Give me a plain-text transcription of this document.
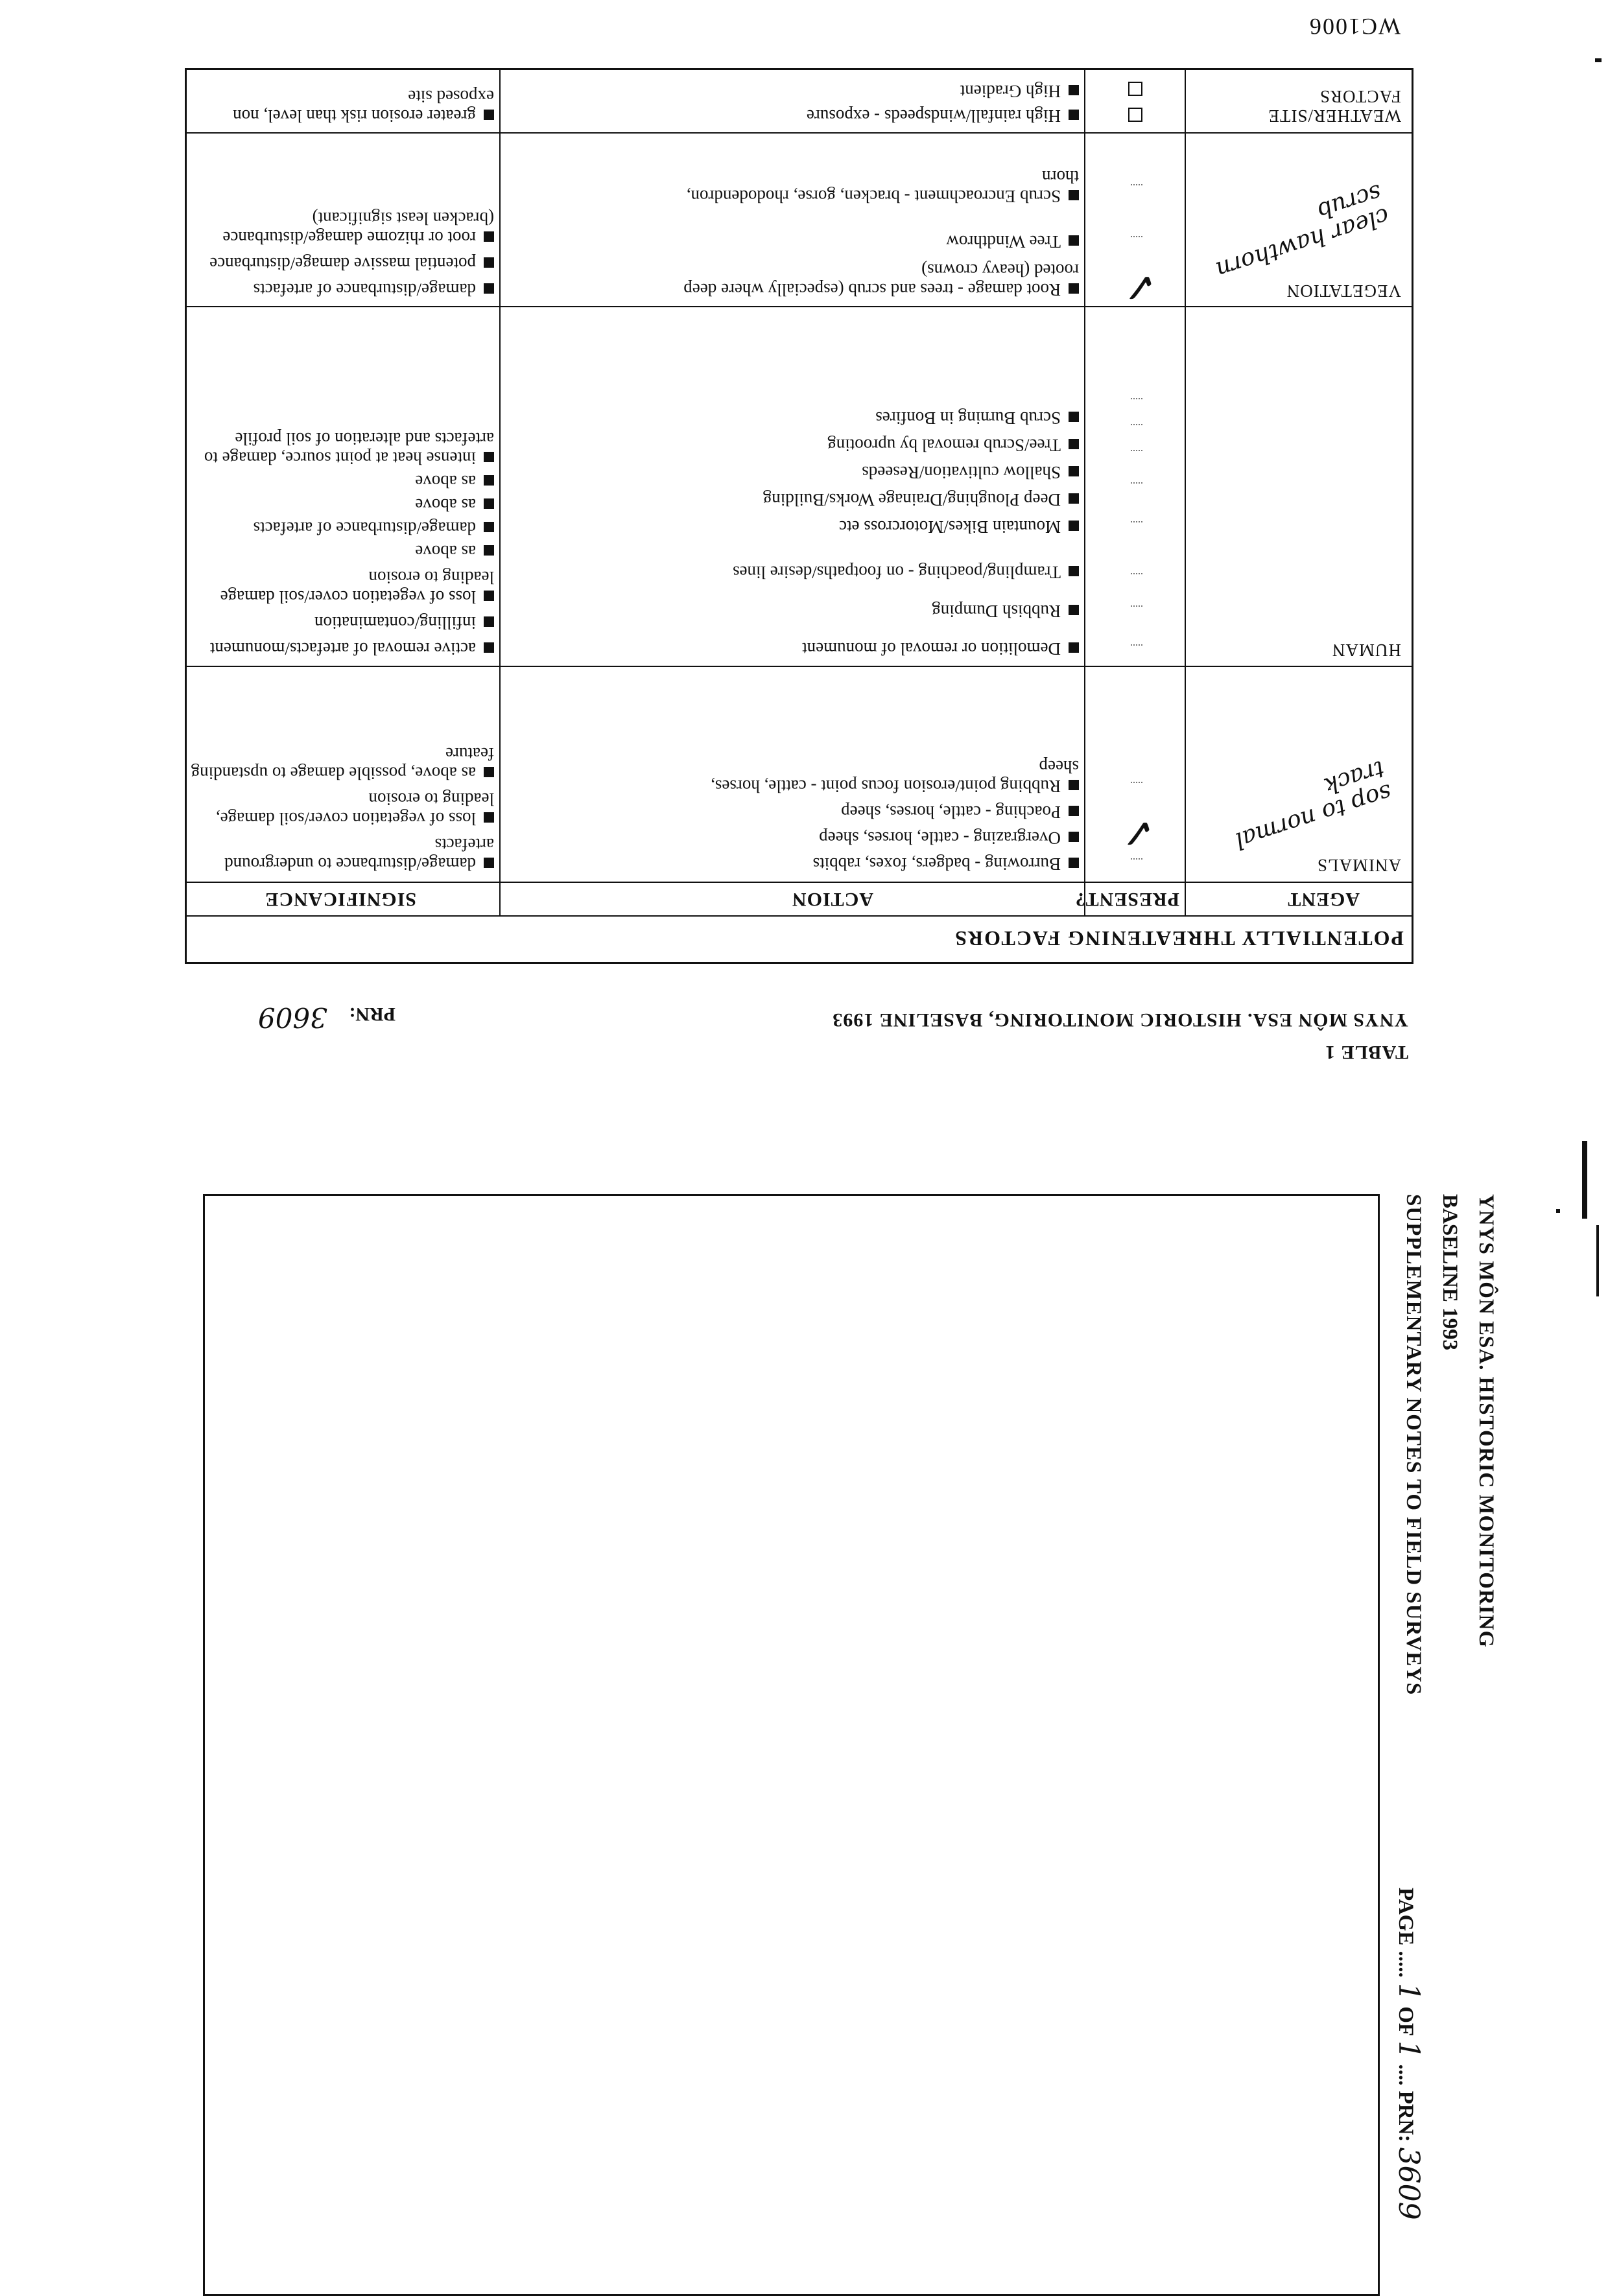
WC1006
TABLE 1
YNYS MÔN ESA. HISTORIC MONITORING, BASELINE 1993
PRN: 3609
POTENTIALLY THREATENING FACTORS
AGENT
PRESENT?
ACTION
SIGNIFICANCE
ANIMALS
sop to normal track
✓
Burrowing - badgers, foxes, rabbits
Overgrazing - cattle, horses, sheep
Poaching - cattle, horses, sheep
Rubbing point/erosion focus point - cattle, horses, sheep
damage/disturbance to underground artefacts
loss of vegetation cover/soil damage, leading to erosion
as above, possible damage to upstanding feature
HUMAN
Demolition or removal of monument
Rubbish Dumping
Trampling/poaching - on footpaths/desire lines
Mountain Bikes/Motorcross etc
Deep Ploughing/Drainage Works/Building
Shallow cultivation/Reseeds
Tree/Scrub removal by uprooting
Scrub Burning in Bonfires
active removal of artefacts/monument
infilling/contamination
loss of vegetation cover/soil damage leading to erosion
as above
damage/disturbance of artefacts
as above
as above
intense heat at point source, damage to artefacts and alteration of soil profile
VEGETATION
clear hawthorn scrub
✓
Root damage - trees and scrub (especially where deep rooted (heavy crowns)
Tree Windthrow
Scrub Encroachment - bracken, gorse, rhododendron, thorn
damage/disturbance of artefacts
potential massive damage/disturbance
root or rhizome damage/disturbance (bracken least significant)
WEATHER/SITE FACTORS
High rainfall/windspeeds - exposure
High Gradient
greater erosion risk than level, non exposed site
YNYS MÔN ESA. HISTORIC MONITORING
BASELINE 1993
SUPPLEMENTARY NOTES TO FIELD SURVEYS
PAGE ..... 1 OF 1 .... PRN: 3609
